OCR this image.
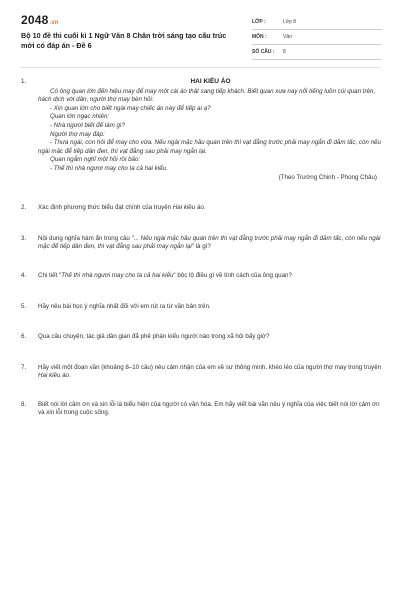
2048.vn
Bộ 10 đề thi cuối kì 1 Ngữ Văn 8 Chân trời sáng tạo cấu trúc mới có đáp án - Đề 6
LỚP :	Lớp 8
MÔN :	Văn
SỐ CÂU :	8
1.	HAI KIỀU ÁO
Có ông quan lớn đến hiệu may để may một cái áo thật sang tiếp khách. Biết quan xưa nay nổi tiếng luồn cúi quan trên, hách dịch với dân, người thợ may bèn hỏi:
- Xin quan lớn cho biết ngài may chiếc áo này để tiếp ai ạ?
Quan lớn ngạc nhiên:
- Nhà ngươi biết để làm gì?
Người thợ may đáp:
- Thưa ngài, con hỏi để may cho vừa. Nếu ngài mặc hầu quan trên thì vạt đằng trước phải may ngắn đi dăm tấc, còn nếu ngài mặc để tiếp dân đen, thì vạt đằng sau phải may ngắn lại.
Quan ngẫm nghĩ một hồi rồi bảo:
- Thế thì nhà ngươi may cho ta cả hai kiểu.
(Theo Trường Chinh - Phong Châu)
2.	Xác định phương thức biểu đạt chính của truyện Hai kiều áo.
3.	Nội dung nghĩa hàm ẩn trong câu "... Nếu ngài mặc hầu quan trên thì vạt đằng trước phải may ngắn đi dăm tấc, còn nếu ngài mặc để tiếp dân đen, thì vạt đằng sau phải may ngắn lại" là gì?
4.	Chi tiết "Thế thì nhà ngươi may cho ta cả hai kiểu" bộc lộ điều gì về tính cách của ông quan?
5.	Hãy nêu bài học ý nghĩa nhất đối với em rút ra từ văn bản trên.
6.	Qua câu chuyện, tác giả dân gian đã phê phán kiểu người nào trong xã hội bấy giờ?
7.	Hãy viết một đoạn văn (khoảng 8–10 câu) nêu cảm nhận của em về sự thông minh, khéo léo của người thợ may trong truyện Hai kiều áo.
8.	Biết nói lời cảm ơn và xin lỗi là biểu hiện của người có văn hóa. Em hãy viết bài văn nêu ý nghĩa của việc biết nói lời cảm ơn và xin lỗi trong cuộc sống.
